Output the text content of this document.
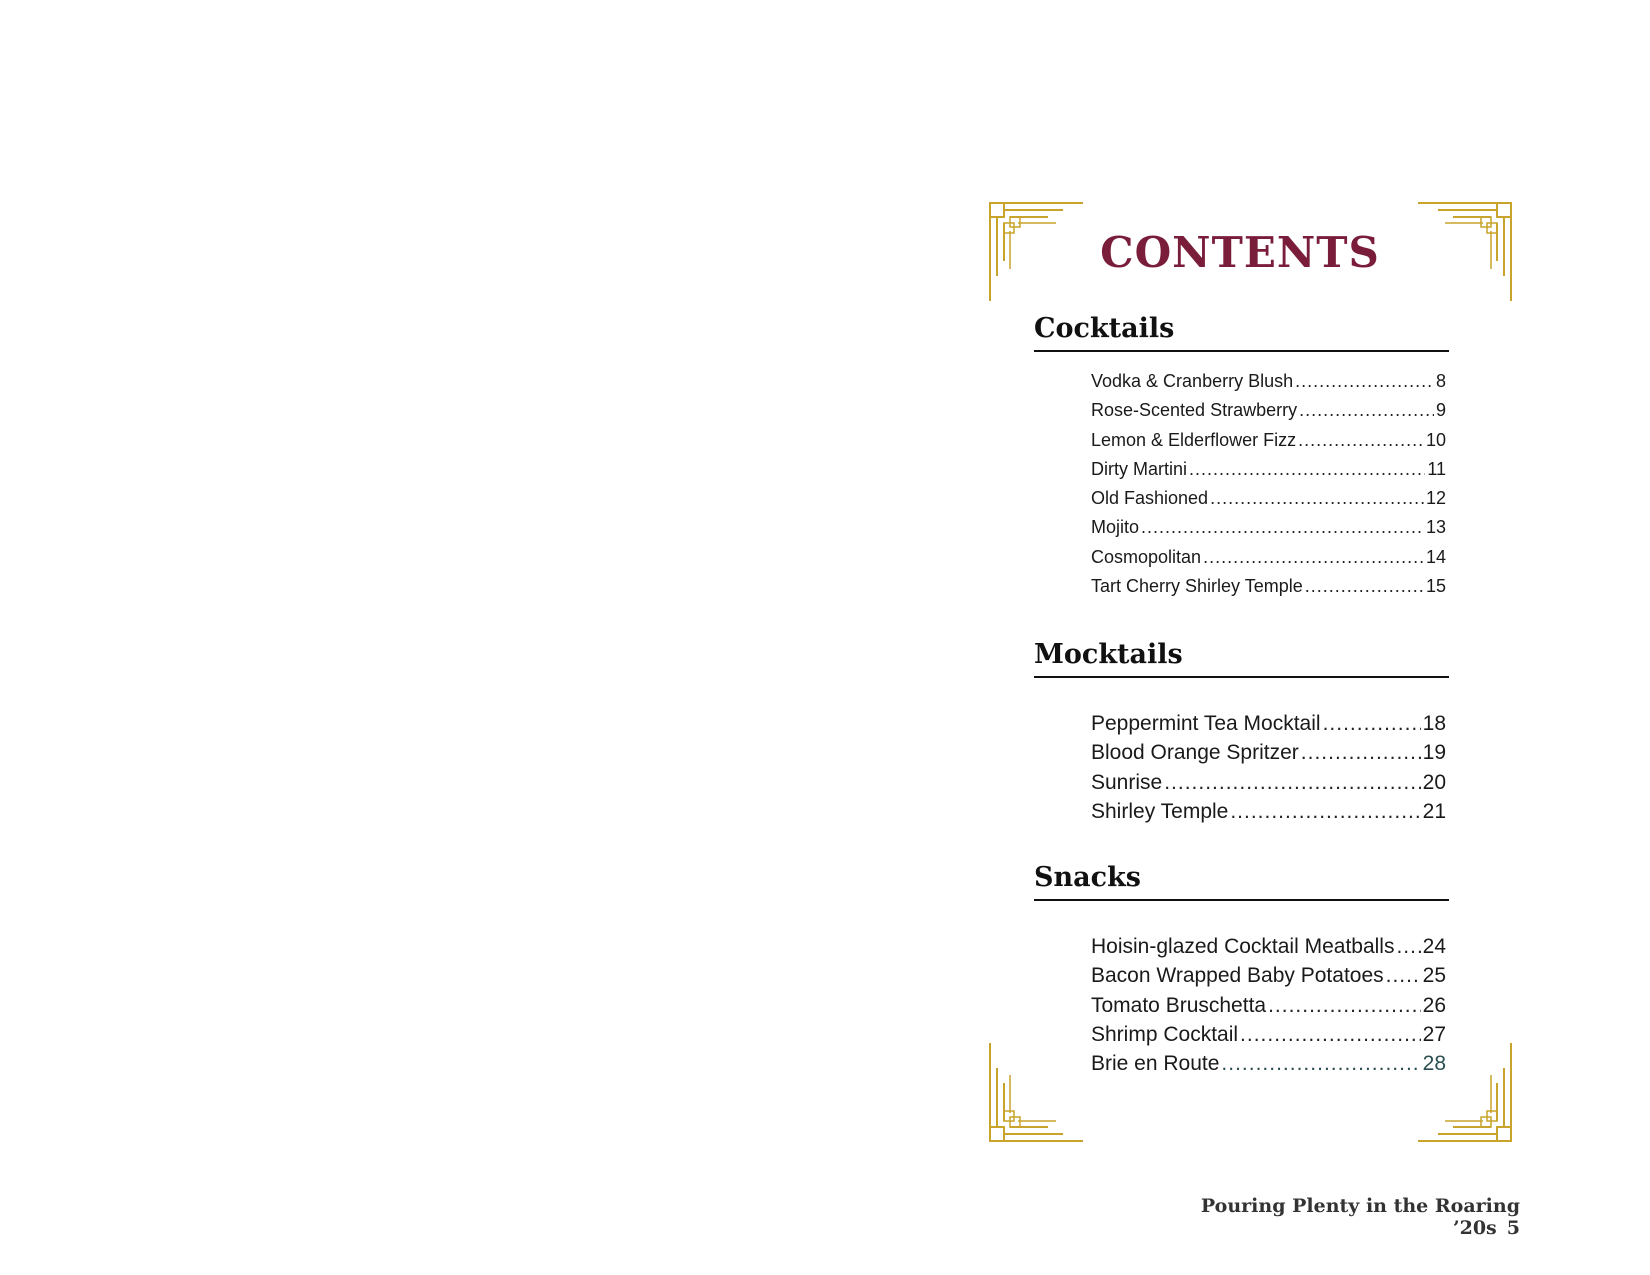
CONTENTS
Cocktails
Vodka & Cranberry Blush .....	8
Rose-Scented Strawberry .....	9
Lemon & Elderflower Fizz .....	10
Dirty Martini .....	11
Old Fashioned .....	12
Mojito .....	13
Cosmopolitan .....	14
Tart Cherry Shirley Temple .....	15
Mocktails
Peppermint Tea Mocktail .....	18
Blood Orange Spritzer .....	19
Sunrise .....	20
Shirley Temple .....	21
Snacks
Hoisin-glazed Cocktail Meatballs ..... 24
Bacon Wrapped Baby Potatoes ..... 25
Tomato Bruschetta .....	26
Shrimp Cocktail .....	27
Brie en Route .....	28
Pouring Plenty in the Roaring ’20s 5
